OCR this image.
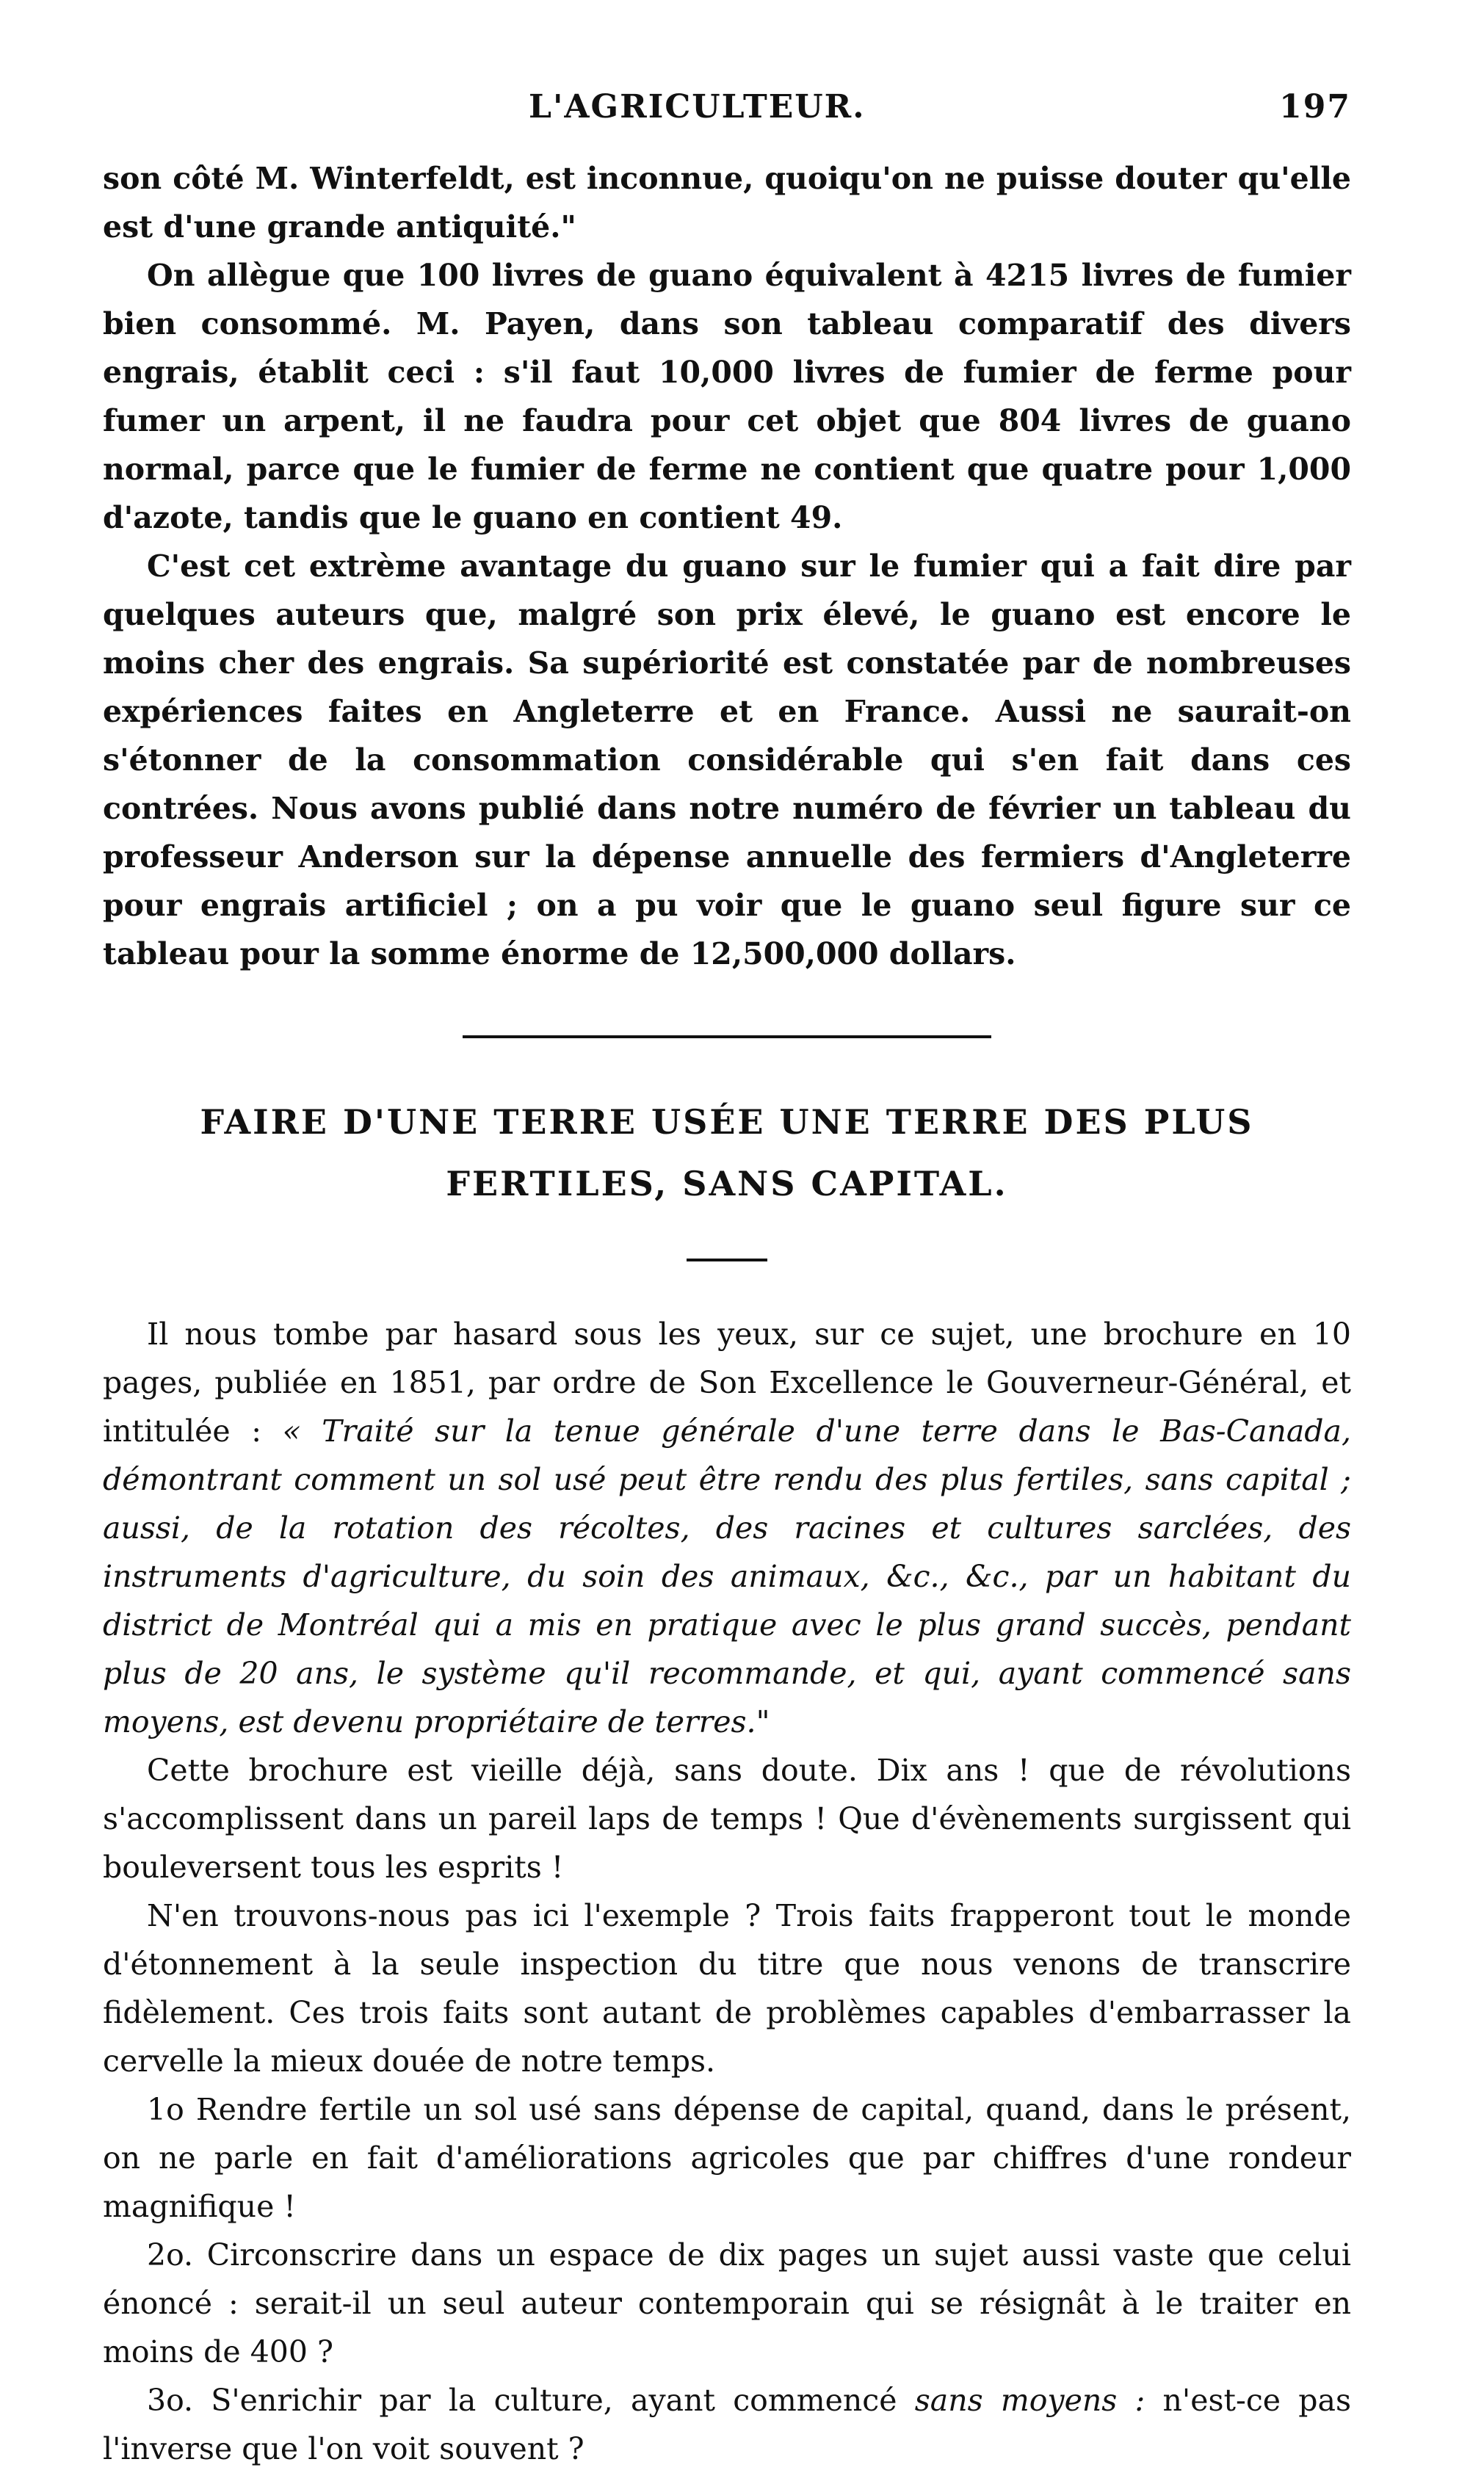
L'AGRICULTEUR.	197

son côté M. Winterfeldt, est inconnue, quoiqu'on ne puisse douter qu'elle est d'une grande antiquité."

On allègue que 100 livres de guano équivalent à 4215 livres de fumier bien consommé. M. Payen, dans son tableau comparatif des divers engrais, établit ceci : s'il faut 10,000 livres de fumier de ferme pour fumer un arpent, il ne faudra pour cet objet que 804 livres de guano normal, parce que le fumier de ferme ne contient que quatre pour 1,000 d'azote, tandis que le guano en contient 49.

C'est cet extrème avantage du guano sur le fumier qui a fait dire par quelques auteurs que, malgré son prix élevé, le guano est encore le moins cher des engrais. Sa supériorité est constatée par de nombreuses expériences faites en Angleterre et en France. Aussi ne saurait-on s'étonner de la consommation considérable qui s'en fait dans ces contrées. Nous avons publié dans notre numéro de février un tableau du professeur Anderson sur la dépense annuelle des fermiers d'Angleterre pour engrais artificiel ; on a pu voir que le guano seul figure sur ce tableau pour la somme énorme de 12,500,000 dollars.

FAIRE D'UNE TERRE USÉE UNE TERRE DES PLUS
FERTILES, SANS CAPITAL.

Il nous tombe par hasard sous les yeux, sur ce sujet, une brochure en 10 pages, publiée en 1851, par ordre de Son Excellence le Gouverneur-Général, et intitulée : « Traité sur la tenue générale d'une terre dans le Bas-Canada, démontrant comment un sol usé peut être rendu des plus fertiles, sans capital ; aussi, de la rotation des récoltes, des racines et cultures sarclées, des instruments d'agriculture, du soin des animaux, &c., &c., par un habitant du district de Montréal qui a mis en pratique avec le plus grand succès, pendant plus de 20 ans, le système qu'il recommande, et qui, ayant commencé sans moyens, est devenu propriétaire de terres."

Cette brochure est vieille déjà, sans doute. Dix ans ! que de révolutions s'accomplissent dans un pareil laps de temps ! Que d'évènements surgissent qui bouleversent tous les esprits !

N'en trouvons-nous pas ici l'exemple ? Trois faits frapperont tout le monde d'étonnement à la seule inspection du titre que nous venons de transcrire fidèlement. Ces trois faits sont autant de problèmes capables d'embarrasser la cervelle la mieux douée de notre temps.

1o Rendre fertile un sol usé sans dépense de capital, quand, dans le présent, on ne parle en fait d'améliorations agricoles que par chiffres d'une rondeur magnifique !

2o. Circonscrire dans un espace de dix pages un sujet aussi vaste que celui énoncé : serait-il un seul auteur contemporain qui se résignât à le traiter en moins de 400 ?

3o. S'enrichir par la culture, ayant commencé sans moyens : n'est-ce pas l'inverse que l'on voit souvent ?
